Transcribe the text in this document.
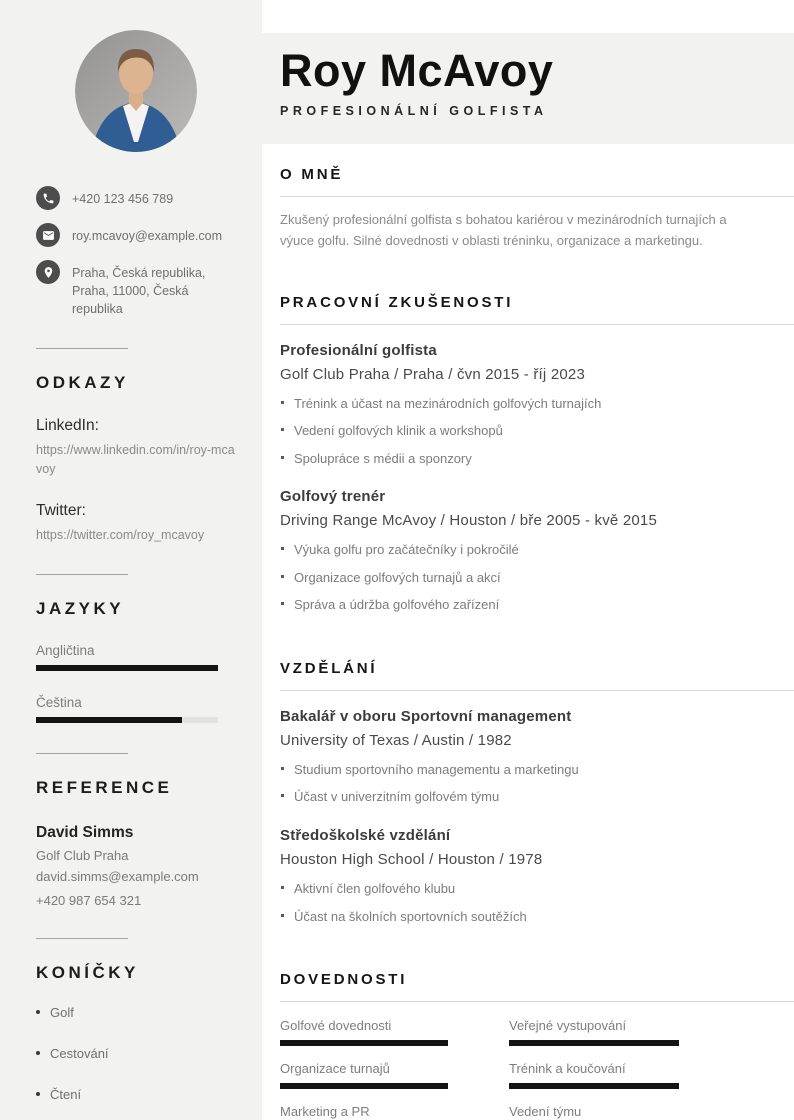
+420 123 456 789
roy.mcavoy@example.com
Praha, Česká republika, Praha, 11000, Česká republika
ODKAZY
LinkedIn:
https://www.linkedin.com/in/roy-mcavoy
Twitter:
https://twitter.com/roy_mcavoy
JAZYKY
Angličtina
Čeština
REFERENCE
David Simms
Golf Club Praha
david.simms@example.com
+420 987 654 321
KONÍČKY
Golf
Cestování
Čtení
Roy McAvoy
PROFESIONÁLNÍ GOLFISTA
O MNĚ

Zkušený profesionální golfista s bohatou kariérou v mezinárodních turnajích a výuce golfu. Silné dovednosti v oblasti tréninku, organizace a marketingu.

PRACOVNÍ ZKUŠENOSTI
Profesionální golfista
Golf Club Praha / Praha / čvn 2015 - říj 2023
Trénink a účast na mezinárodních golfových turnajích
Vedení golfových klinik a workshopů
Spolupráce s médii a sponzory
Golfový trenér
Driving Range McAvoy / Houston / bře 2005 - kvě 2015
Výuka golfu pro začátečníky i pokročilé
Organizace golfových turnajů a akcí
Správa a údržba golfového zařízení
VZDĚLÁNÍ
Bakalář v oboru Sportovní management
University of Texas / Austin / 1982
Studium sportovního managementu a marketingu
Účast v univerzitním golfovém týmu
Středoškolské vzdělání
Houston High School / Houston / 1978
Aktivní člen golfového klubu
Účast na školních sportovních soutěžích
DOVEDNOSTI
Golfové dovednosti	Veřejné vystupování
Organizace turnajů	Trénink a koučování
Marketing a PR	Vedení týmu
